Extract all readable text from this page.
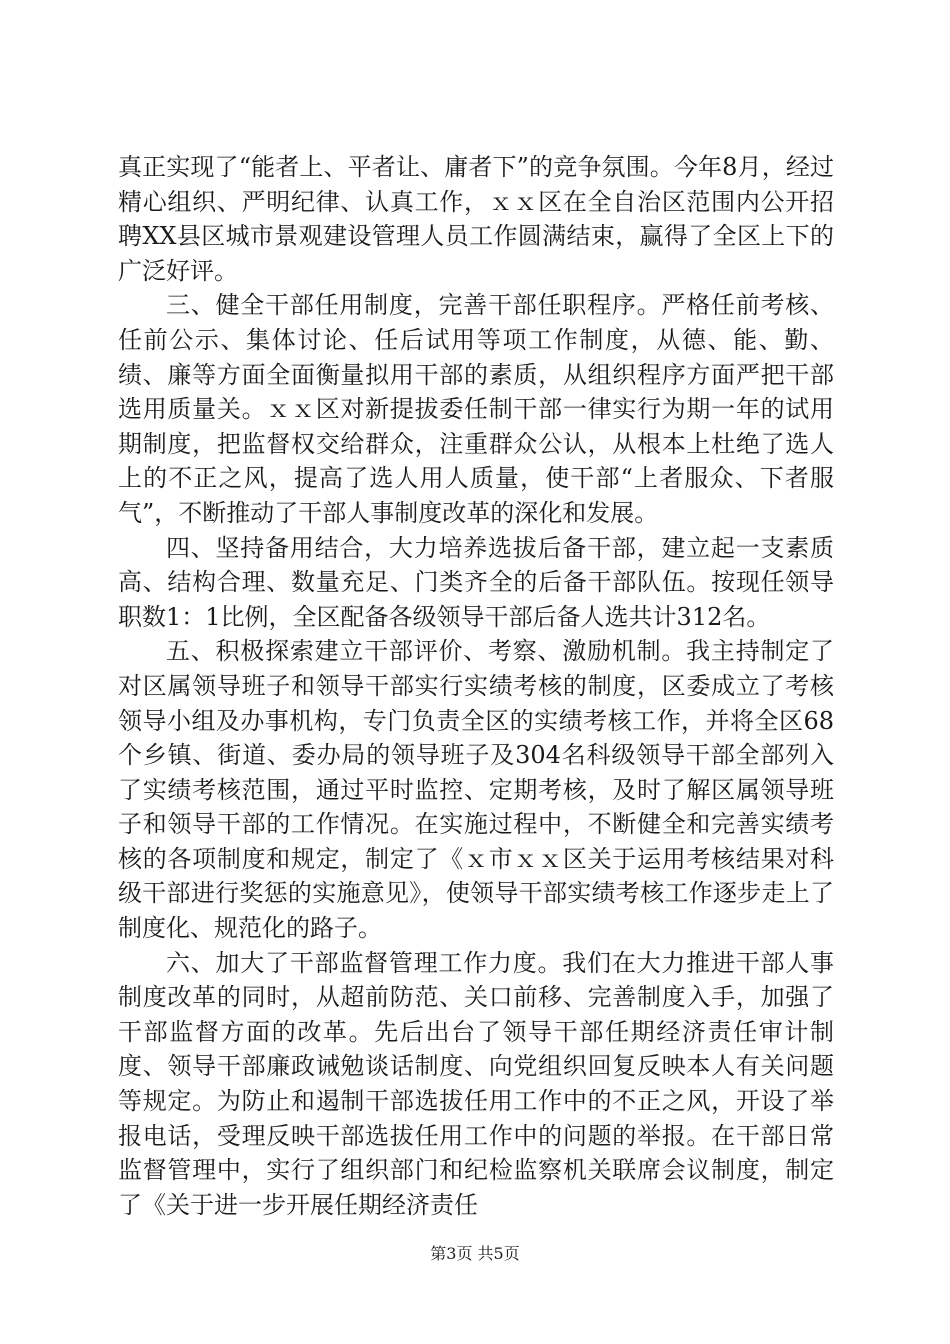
真正实现了“能者上、平者让、庸者下”的竞争氛围。今年8月，经过精心组织、严明纪律、认真工作，ｘｘ区在全自治区范围内公开招聘XX县区城市景观建设管理人员工作圆满结束，赢得了全区上下的广泛好评。

三、健全干部任用制度，完善干部任职程序。严格任前考核、任前公示、集体讨论、任后试用等项工作制度，从德、能、勤、绩、廉等方面全面衡量拟用干部的素质，从组织程序方面严把干部选用质量关。ｘｘ区对新提拔委任制干部一律实行为期一年的试用期制度，把监督权交给群众，注重群众公认，从根本上杜绝了选人上的不正之风，提高了选人用人质量，使干部“上者服众、下者服气”，不断推动了干部人事制度改革的深化和发展。

四、坚持备用结合，大力培养选拔后备干部，建立起一支素质高、结构合理、数量充足、门类齐全的后备干部队伍。按现任领导职数1：1比例，全区配备各级领导干部后备人选共计312名。

五、积极探索建立干部评价、考察、激励机制。我主持制定了对区属领导班子和领导干部实行实绩考核的制度，区委成立了考核领导小组及办事机构，专门负责全区的实绩考核工作，并将全区68个乡镇、街道、委办局的领导班子及304名科级领导干部全部列入了实绩考核范围，通过平时监控、定期考核，及时了解区属领导班子和领导干部的工作情况。在实施过程中，不断健全和完善实绩考核的各项制度和规定，制定了《ｘ市ｘｘ区关于运用考核结果对科级干部进行奖惩的实施意见》，使领导干部实绩考核工作逐步走上了制度化、规范化的路子。

六、加大了干部监督管理工作力度。我们在大力推进干部人事制度改革的同时，从超前防范、关口前移、完善制度入手，加强了干部监督方面的改革。先后出台了领导干部任期经济责任审计制度、领导干部廉政诫勉谈话制度、向党组织回复反映本人有关问题等规定。为防止和遏制干部选拔任用工作中的不正之风，开设了举报电话，受理反映干部选拔任用工作中的问题的举报。在干部日常监督管理中，实行了组织部门和纪检监察机关联席会议制度，制定了《关于进一步开展任期经济责任

第3页 共5页
